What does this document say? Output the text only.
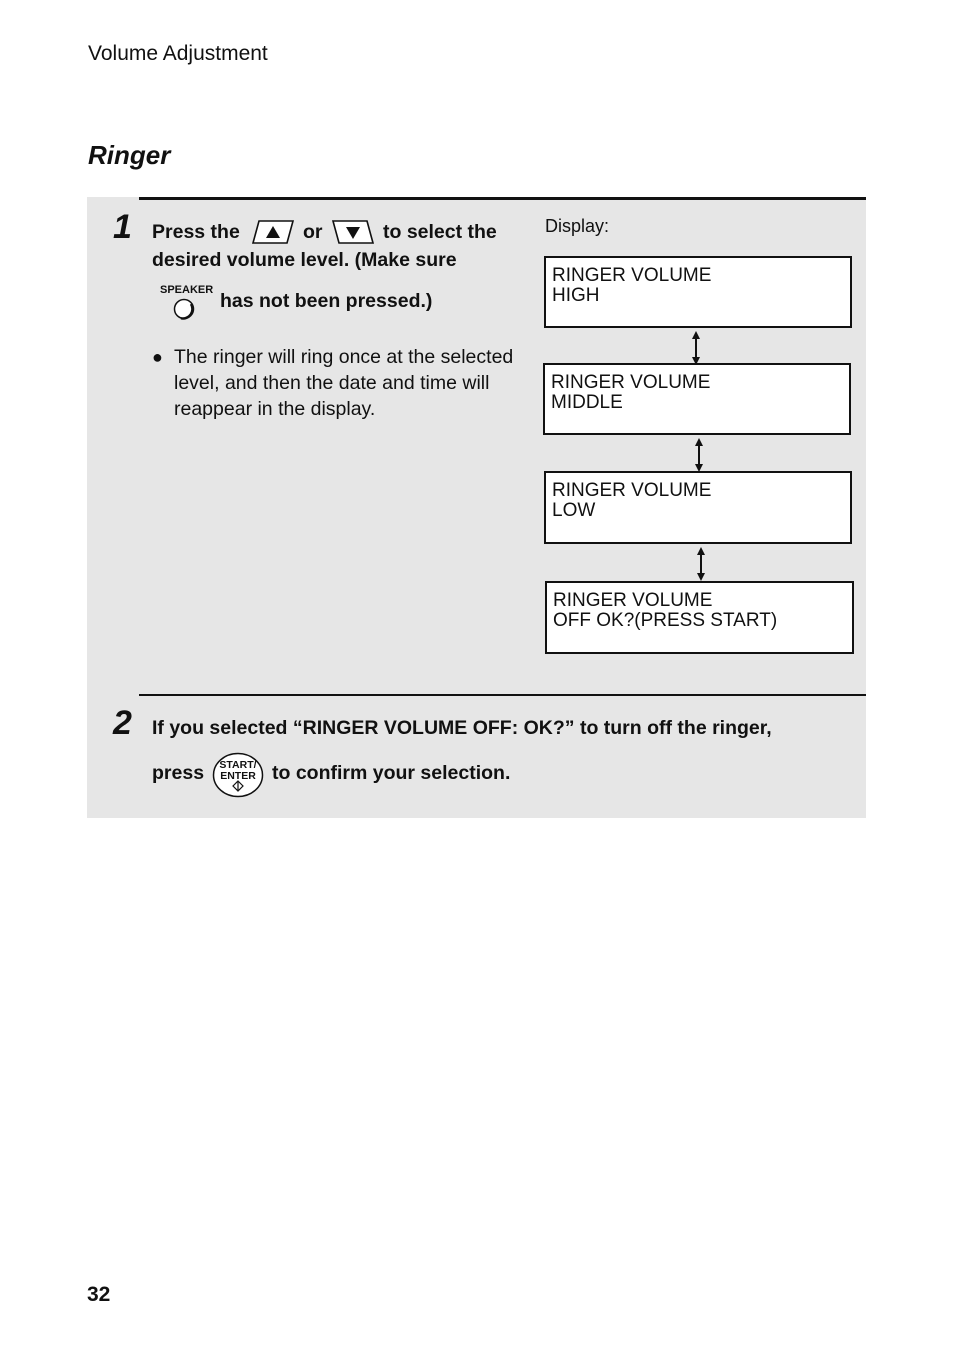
Volume Adjustment
Ringer
1 Press the	or	to select the
desired volume level. (Make sure
SPEAKER has not been pressed.)
● The ringer will ring once at the selected level, and then the date and time will reappear in the display.
Display:
RINGER VOLUME
HIGH
RINGER VOLUME
MIDDLE
RINGER VOLUME
LOW
RINGER VOLUME
OFF OK?(PRESS START)
2 If you selected “RINGER VOLUME OFF: OK?” to turn off the ringer,
press START/
ENTER to confirm your selection.
32
